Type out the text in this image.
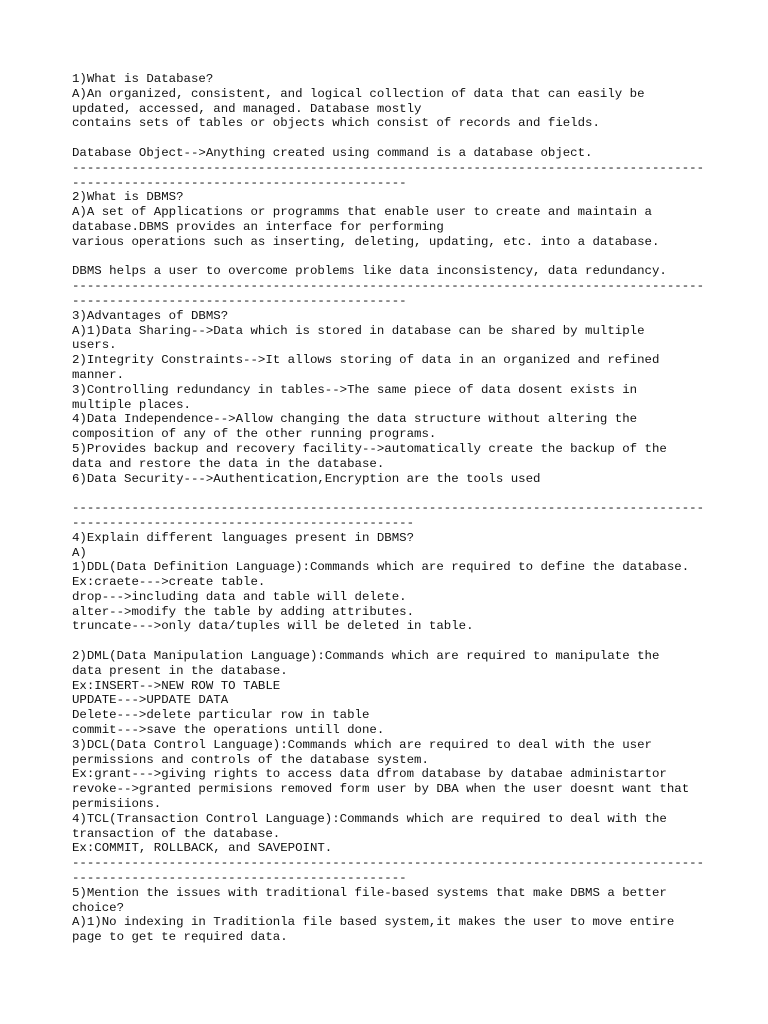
1)What is Database?
A)An organized, consistent, and logical collection of data that can easily be
updated, accessed, and managed. Database mostly
contains sets of tables or objects which consist of records and fields.
Database Object-->Anything created using command is a database object.
-------------------------------------------------------------------------------------
---------------------------------------------
2)What is DBMS?
A)A set of Applications or programms that enable user to create and maintain a
database.DBMS provides an interface for performing
various operations such as inserting, deleting, updating, etc. into a database.
DBMS helps a user to overcome problems like data inconsistency, data redundancy.
-------------------------------------------------------------------------------------
---------------------------------------------
3)Advantages of DBMS?
A)1)Data Sharing-->Data which is stored in database can be shared by multiple
users.
2)Integrity Constraints-->It allows storing of data in an organized and refined
manner.
3)Controlling redundancy in tables-->The same piece of data dosent exists in
multiple places.
4)Data Independence-->Allow changing the data structure without altering the
composition of any of the other running programs.
5)Provides backup and recovery facility-->automatically create the backup of the
data and restore the data in the database.
6)Data Security--->Authentication,Encryption are the tools used
-------------------------------------------------------------------------------------
----------------------------------------------
4)Explain different languages present in DBMS?
A)
1)DDL(Data Definition Language):Commands which are required to define the database.
Ex:craete--->create table.
drop--->including data and table will delete.
alter-->modify the table by adding attributes.
truncate--->only data/tuples will be deleted in table.
2)DML(Data Manipulation Language):Commands which are required to manipulate the
data present in the database.
Ex:INSERT-->NEW ROW TO TABLE
UPDATE--->UPDATE DATA
Delete--->delete particular row in table
commit--->save the operations untill done.
3)DCL(Data Control Language):Commands which are required to deal with the user
permissions and controls of the database system.
Ex:grant--->giving rights to access data dfrom database by databae administartor
revoke-->granted permisions removed form user by DBA when the user doesnt want that
permisiions.
4)TCL(Transaction Control Language):Commands which are required to deal with the
transaction of the database.
Ex:COMMIT, ROLLBACK, and SAVEPOINT.
-------------------------------------------------------------------------------------
---------------------------------------------
5)Mention the issues with traditional file-based systems that make DBMS a better
choice?
A)1)No indexing in Traditionla file based system,it makes the user to move entire
page to get te required data.
